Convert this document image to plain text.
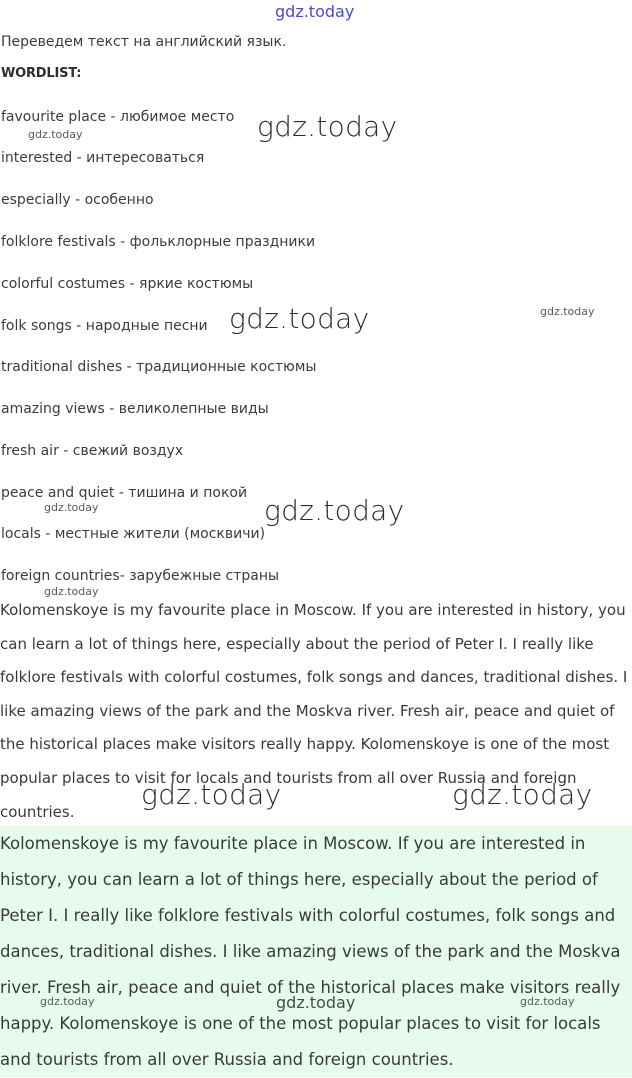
gdz.today
Переведем текст на английский язык.
WORDLIST:
favourite place - любимое место
interested - интересоваться
especially - особенно
folklore festivals - фольклорные праздники
colorful costumes - яркие костюмы
folk songs - народные песни
traditional dishes - традиционные костюмы
amazing views - великолепные виды
fresh air - свежий воздух
peace and quiet - тишина и покой
locals - местные жители (москвичи)
foreign countries- зарубежные страны

Kolomenskoye is my favourite place in Moscow. If you are interested in history, you can learn a lot of things here, especially about the period of Peter I. I really like folklore festivals with colorful costumes, folk songs and dances, traditional dishes. I like amazing views of the park and the Moskva river. Fresh air, peace and quiet of the historical places make visitors really happy. Kolomenskoye is one of the most popular places to visit for locals and tourists from all over Russia and foreign countries.

Kolomenskoye is my favourite place in Moscow. If you are interested in history, you can learn a lot of things here, especially about the period of Peter I. I really like folklore festivals with colorful costumes, folk songs and dances, traditional dishes. I like amazing views of the park and the Moskva river. Fresh air, peace and quiet of the historical places make visitors really happy. Kolomenskoye is one of the most popular places to visit for locals and tourists from all over Russia and foreign countries.

gdz.today
gdz.today
gdz.today	gdz.today
gdz.today
gdz.today
gdz.today
gdz.today	gdz.today
gdz.today	gdz.today	gdz.today
